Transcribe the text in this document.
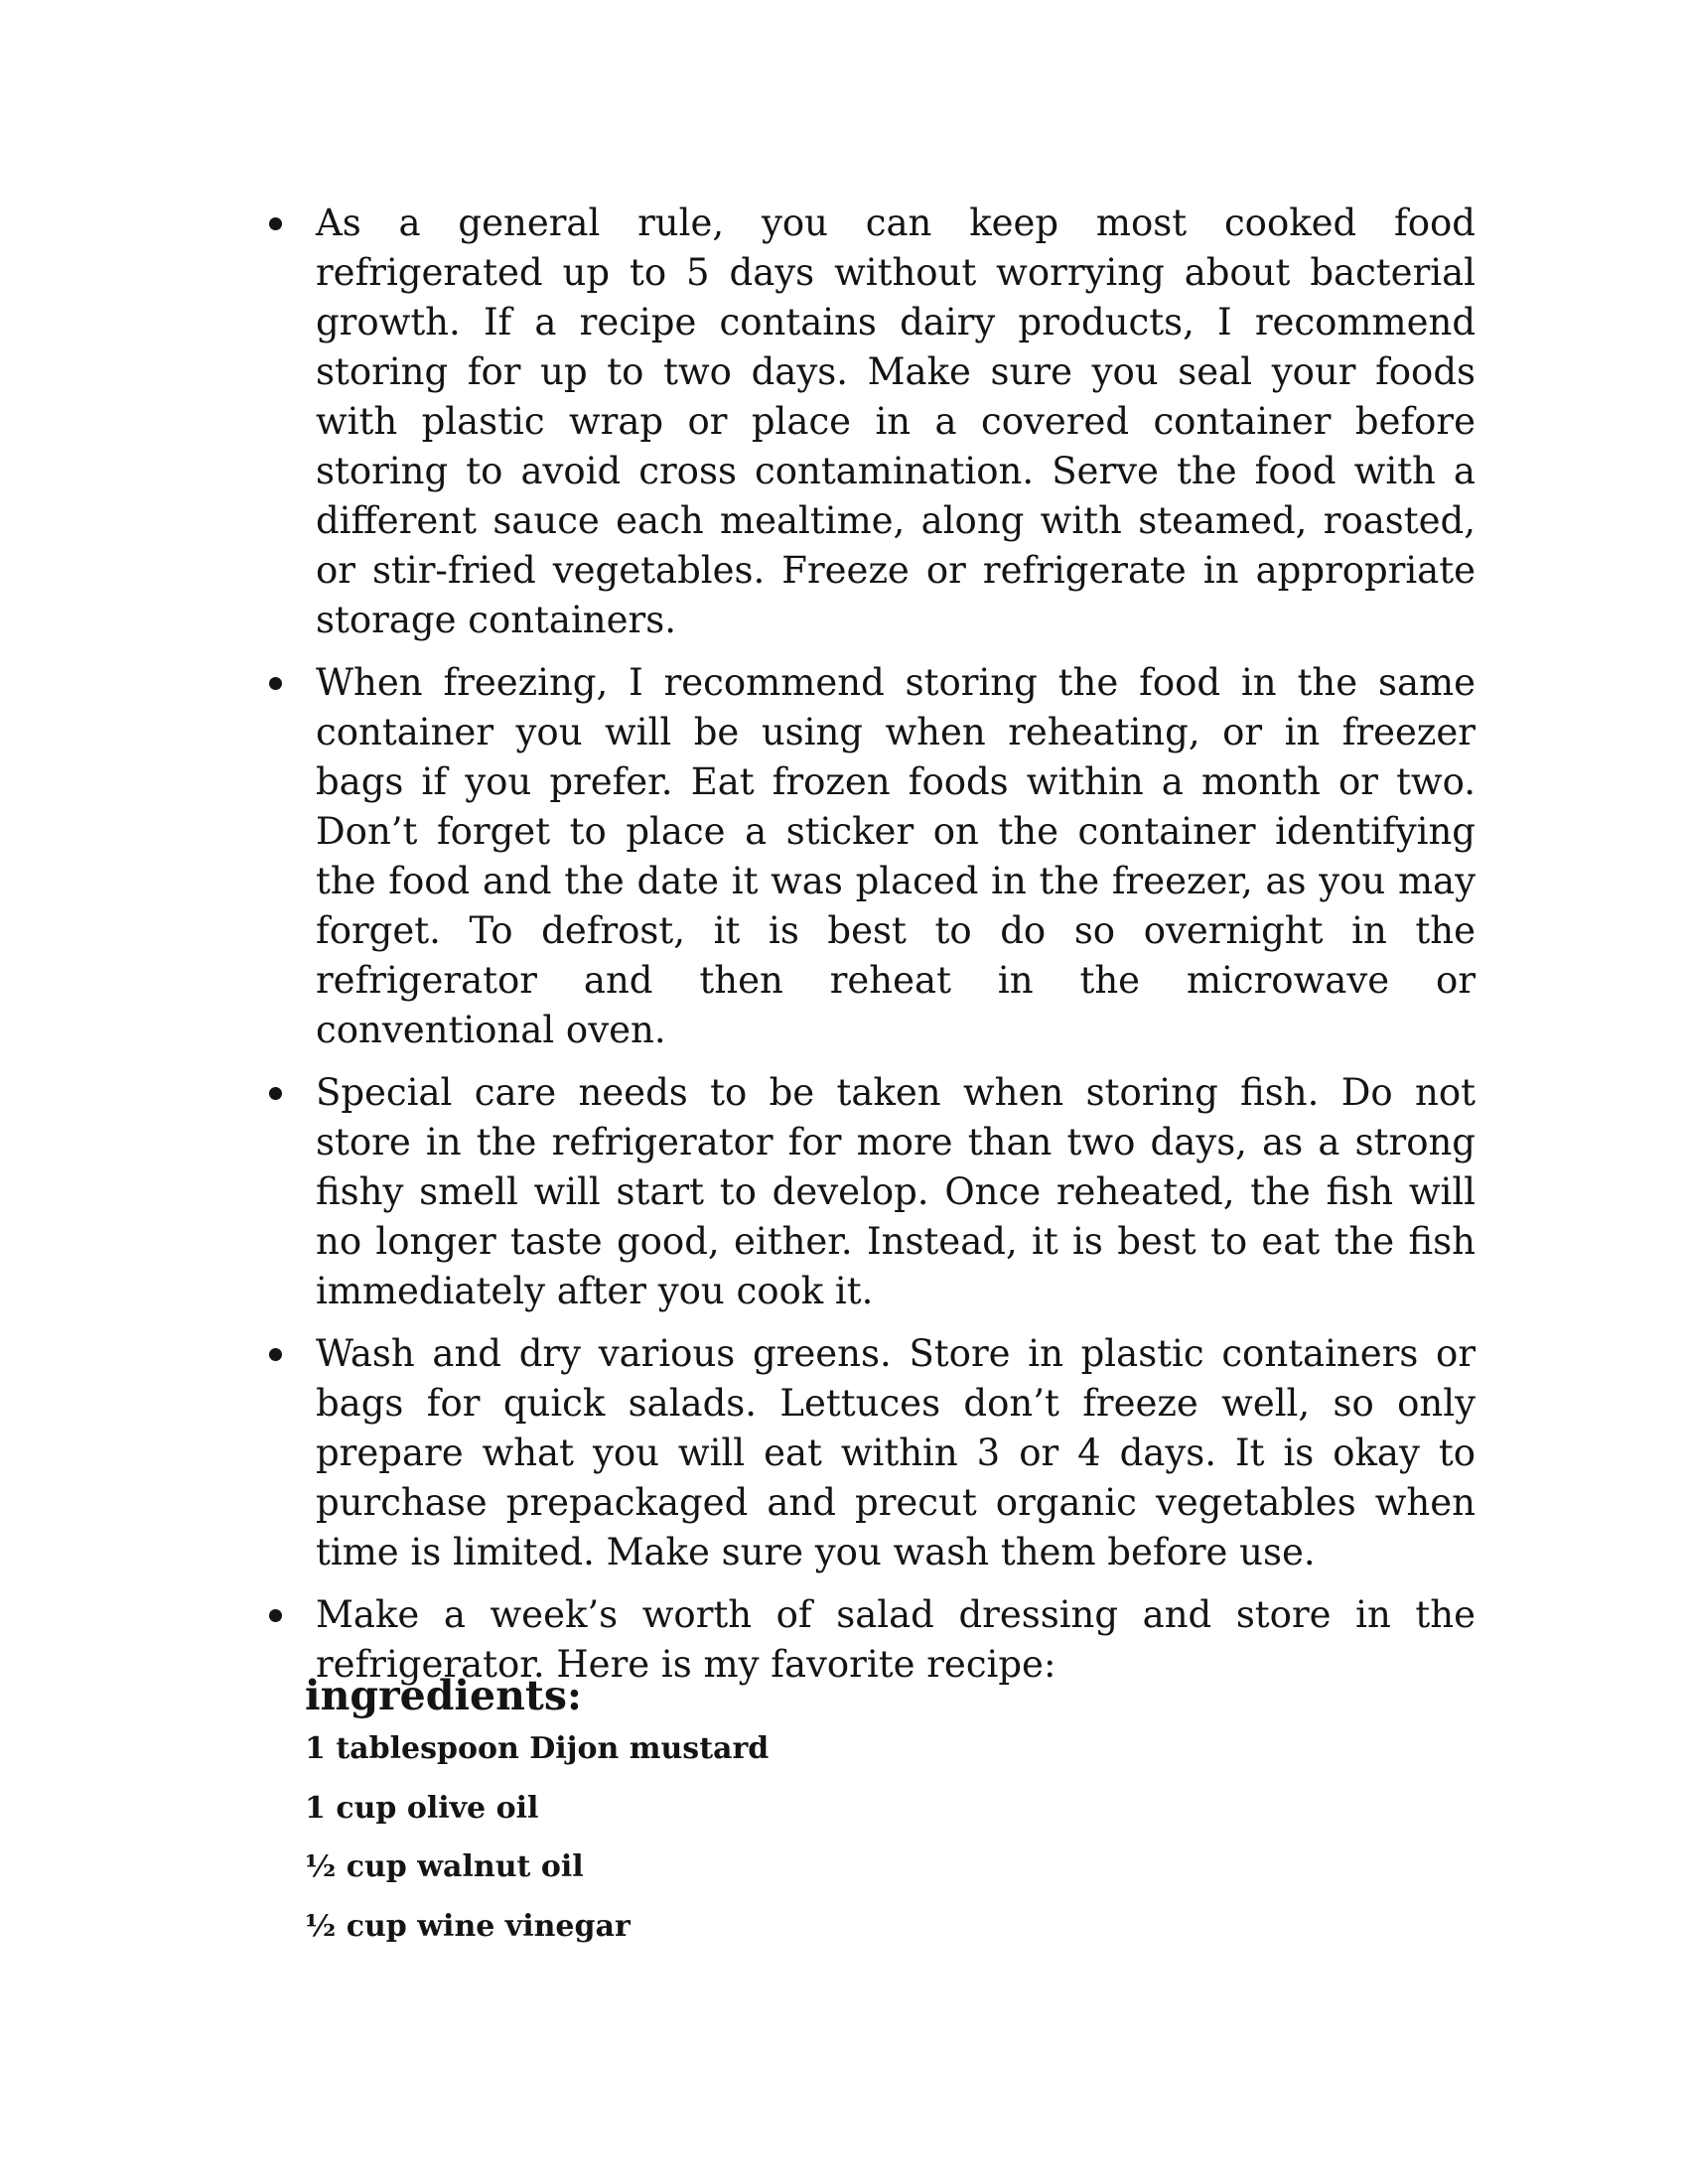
As a general rule, you can keep most cooked food refrigerated up to 5 days without worrying about bacterial growth. If a recipe contains dairy products, I recommend storing for up to two days. Make sure you seal your foods with plastic wrap or place in a covered container before storing to avoid cross contamination. Serve the food with a different sauce each mealtime, along with steamed, roasted, or stir-fried vegetables. Freeze or refrigerate in appropriate storage containers.
When freezing, I recommend storing the food in the same container you will be using when reheating, or in freezer bags if you prefer. Eat frozen foods within a month or two. Don’t forget to place a sticker on the container identifying the food and the date it was placed in the freezer, as you may forget. To defrost, it is best to do so overnight in the refrigerator and then reheat in the microwave or conventional oven.
Special care needs to be taken when storing fish. Do not store in the refrigerator for more than two days, as a strong fishy smell will start to develop. Once reheated, the fish will no longer taste good, either. Instead, it is best to eat the fish immediately after you cook it.
Wash and dry various greens. Store in plastic containers or bags for quick salads. Lettuces don’t freeze well, so only prepare what you will eat within 3 or 4 days. It is okay to purchase prepackaged and precut organic vegetables when time is limited. Make sure you wash them before use.
Make a week’s worth of salad dressing and store in the refrigerator. Here is my favorite recipe:
ingredients:
1 tablespoon Dijon mustard
1 cup olive oil
½ cup walnut oil
½ cup wine vinegar
